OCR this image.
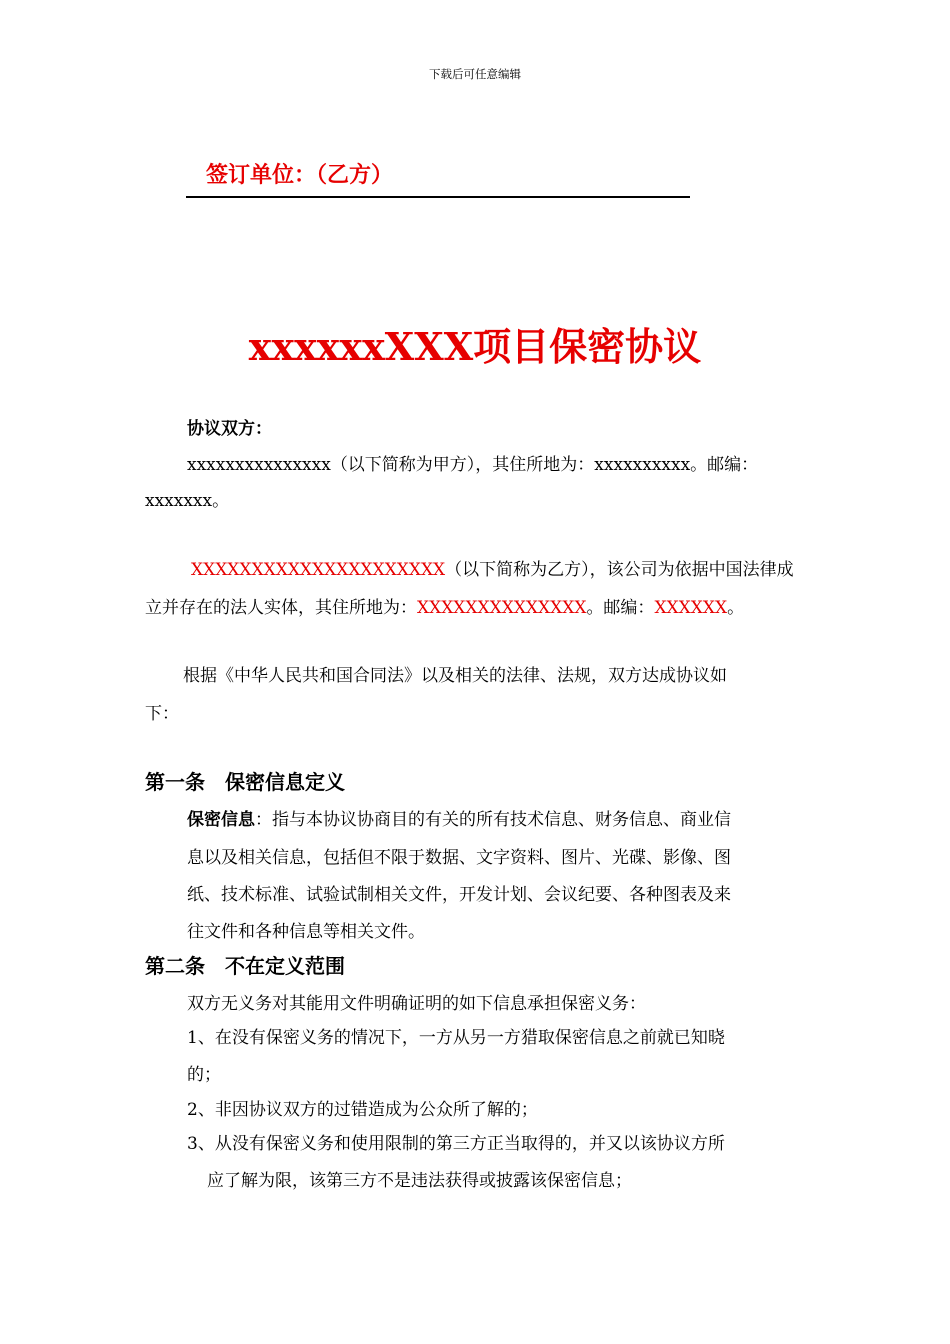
下载后可任意编辑
签订单位：（乙方）
xxxxxxXXX项目保密协议
协议双方：
xxxxxxxxxxxxxxx（以下简称为甲方），其住所地为：xxxxxxxxxx。邮编：
xxxxxxx。
XXXXXXXXXXXXXXXXXXXXX（以下简称为乙方），该公司为依据中国法律成
立并存在的法人实体，其住所地为：XXXXXXXXXXXXXX。邮编：XXXXXX。
根据《中华人民共和国合同法》以及相关的法律、法规，双方达成协议如
下：
第一条　保密信息定义
保密信息：指与本协议协商目的有关的所有技术信息、财务信息、商业信
息以及相关信息，包括但不限于数据、文字资料、图片、光碟、影像、图
纸、技术标准、试验试制相关文件，开发计划、会议纪要、各种图表及来
往文件和各种信息等相关文件。
第二条　不在定义范围
双方无义务对其能用文件明确证明的如下信息承担保密义务：
1、在没有保密义务的情况下，一方从另一方猎取保密信息之前就已知晓
的；
2、非因协议双方的过错造成为公众所了解的；
3、从没有保密义务和使用限制的第三方正当取得的，并又以该协议方所
应了解为限，该第三方不是违法获得或披露该保密信息；
